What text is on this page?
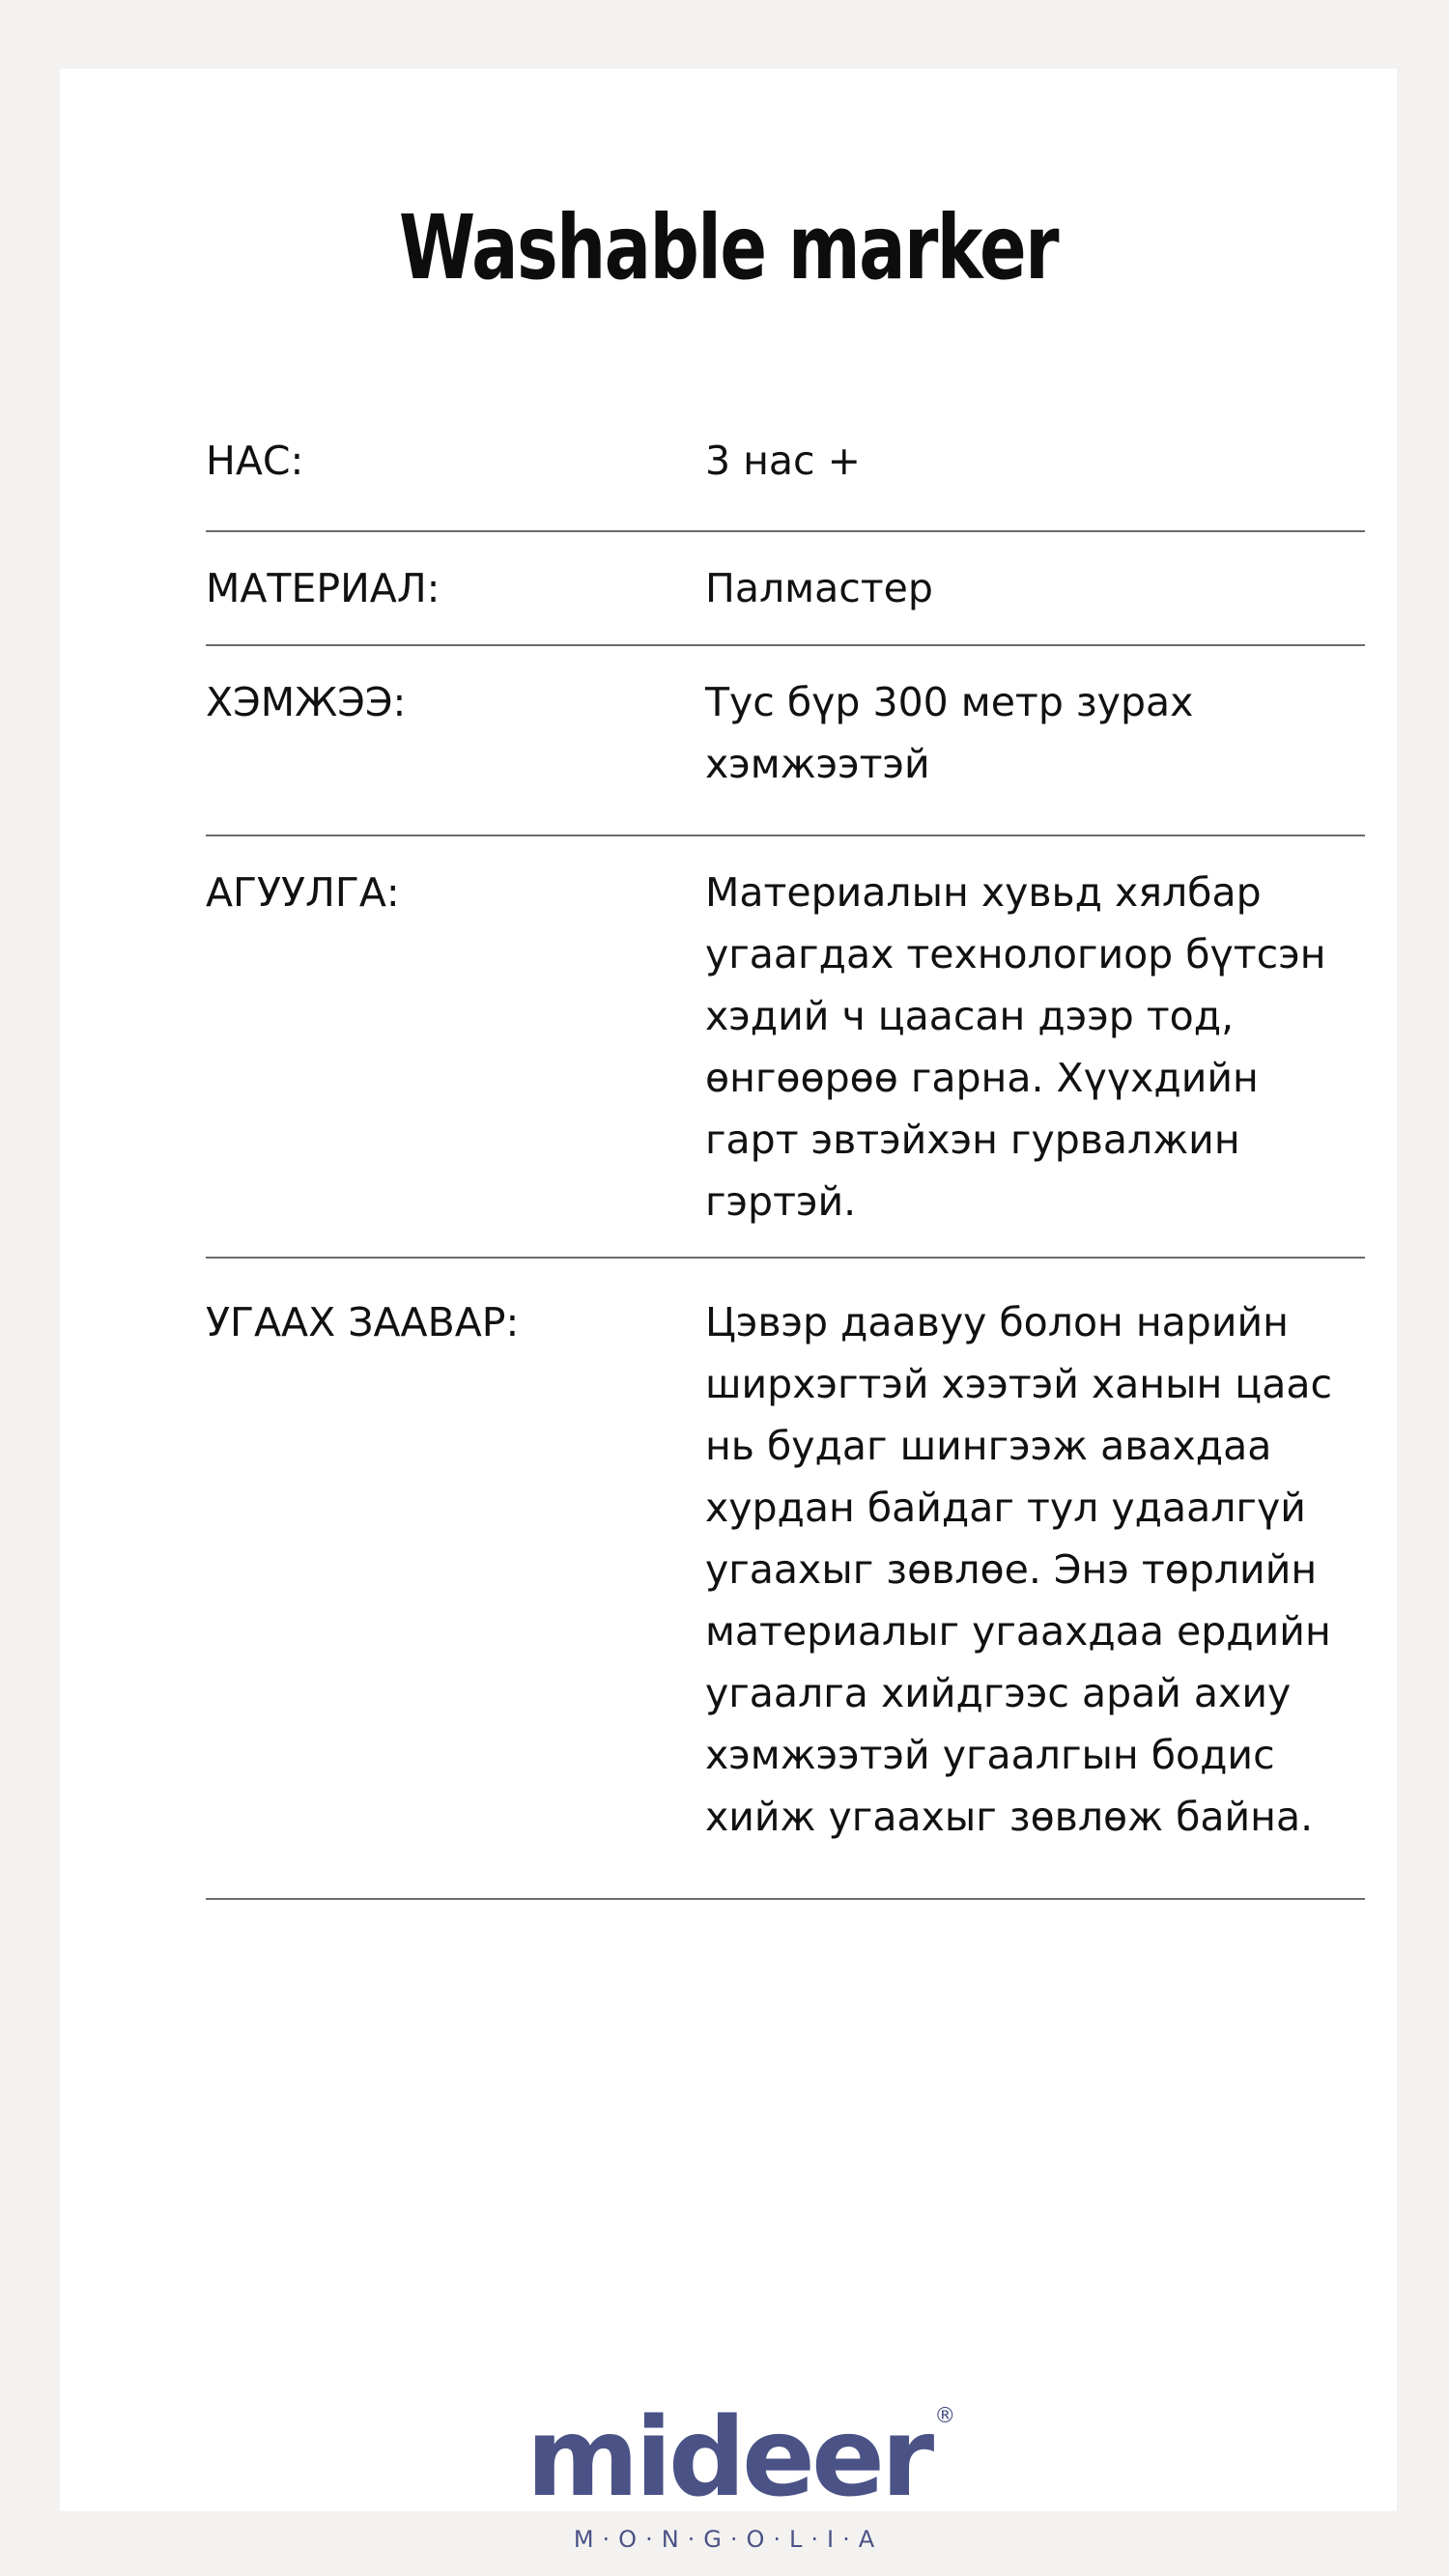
Washable marker
НАС:	3 нас +
МАТЕРИАЛ:	Палмастер
ХЭМЖЭЭ:	Тус бүр 300 метр зурах хэмжээтэй
АГУУЛГА:	Материалын хувьд хялбар угаагдах технологиор бүтсэн хэдий ч цаасан дээр тод, өнгөөрөө гарна. Хүүхдийн гарт эвтэйхэн гурвалжин гэртэй.
УГААХ ЗААВАР:	Цэвэр даавуу болон нарийн ширхэгтэй хээтэй ханын цаас нь будаг шингээж авахдаа хурдан байдаг тул удаалгүй угаахыг зөвлөе. Энэ төрлийн материалыг угаахдаа ердийн угаалга хийдгээс арай ахиу хэмжээтэй угаалгын бодис хийж угаахыг зөвлөж байна.
mideer ®
M·O·N·G·O·L·I·A
